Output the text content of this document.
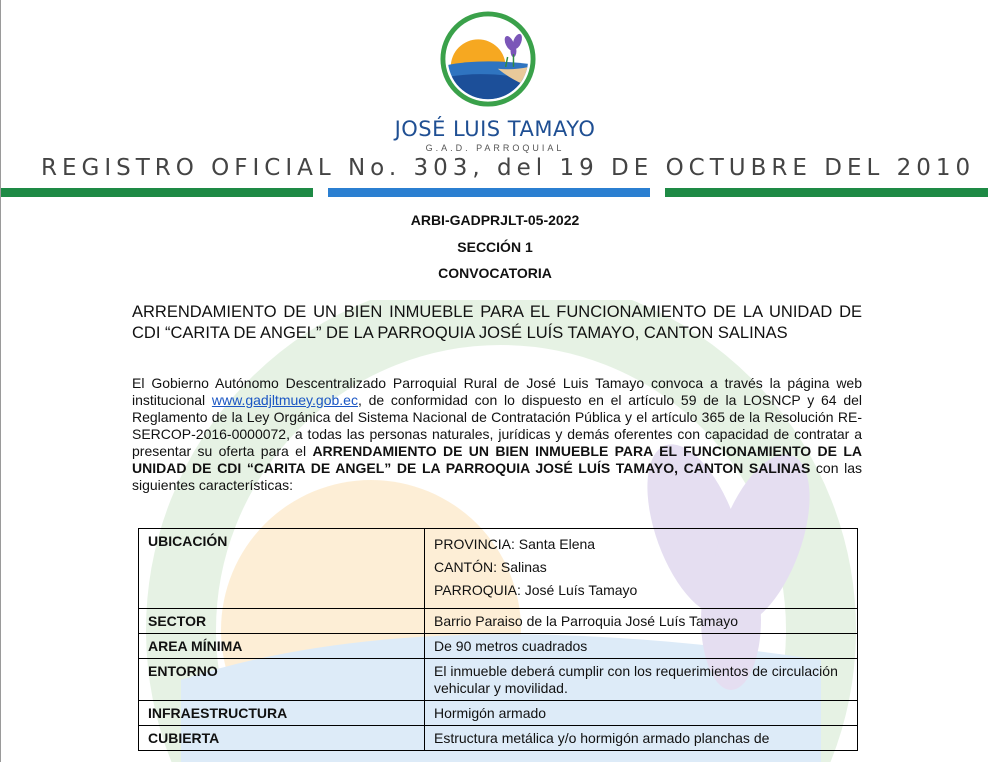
JOSÉ LUIS TAMAYO
G.A.D. PARROQUIAL
REGISTRO OFICIAL No. 303, del 19 DE OCTUBRE DEL 2010
ARBI-GADPRJLT-05-2022
SECCIÓN 1
CONVOCATORIA
ARRENDAMIENTO DE UN BIEN INMUEBLE PARA EL FUNCIONAMIENTO DE LA UNIDAD DE CDI “CARITA DE ANGEL” DE LA PARROQUIA JOSÉ LUÍS TAMAYO, CANTON SALINAS
El Gobierno Autónomo Descentralizado Parroquial Rural de José Luis Tamayo convoca a través la página web institucional www.gadjltmuey.gob.ec, de conformidad con lo dispuesto en el artículo 59 de la LOSNCP y 64 del Reglamento de la Ley Orgánica del Sistema Nacional de Contratación Pública y el artículo 365 de la Resolución RE-SERCOP-2016-0000072, a todas las personas naturales, jurídicas y demás oferentes con capacidad de contratar a presentar su oferta para el ARRENDAMIENTO DE UN BIEN INMUEBLE PARA EL FUNCIONAMIENTO DE LA UNIDAD DE CDI “CARITA DE ANGEL” DE LA PARROQUIA JOSÉ LUÍS TAMAYO, CANTON SALINAS con las siguientes características:
UBICACIÓN	PROVINCIA: Santa Elena
CANTÓN: Salinas
PARROQUIA: José Luís Tamayo

SECTOR	Barrio Paraiso de la Parroquia José Luís Tamayo
AREA MÍNIMA	De 90 metros cuadrados
ENTORNO	El inmueble deberá cumplir con los requerimientos de circulación vehicular y movilidad.
INFRAESTRUCTURA	Hormigón armado
CUBIERTA	Estructura metálica y/o hormigón armado planchas de
